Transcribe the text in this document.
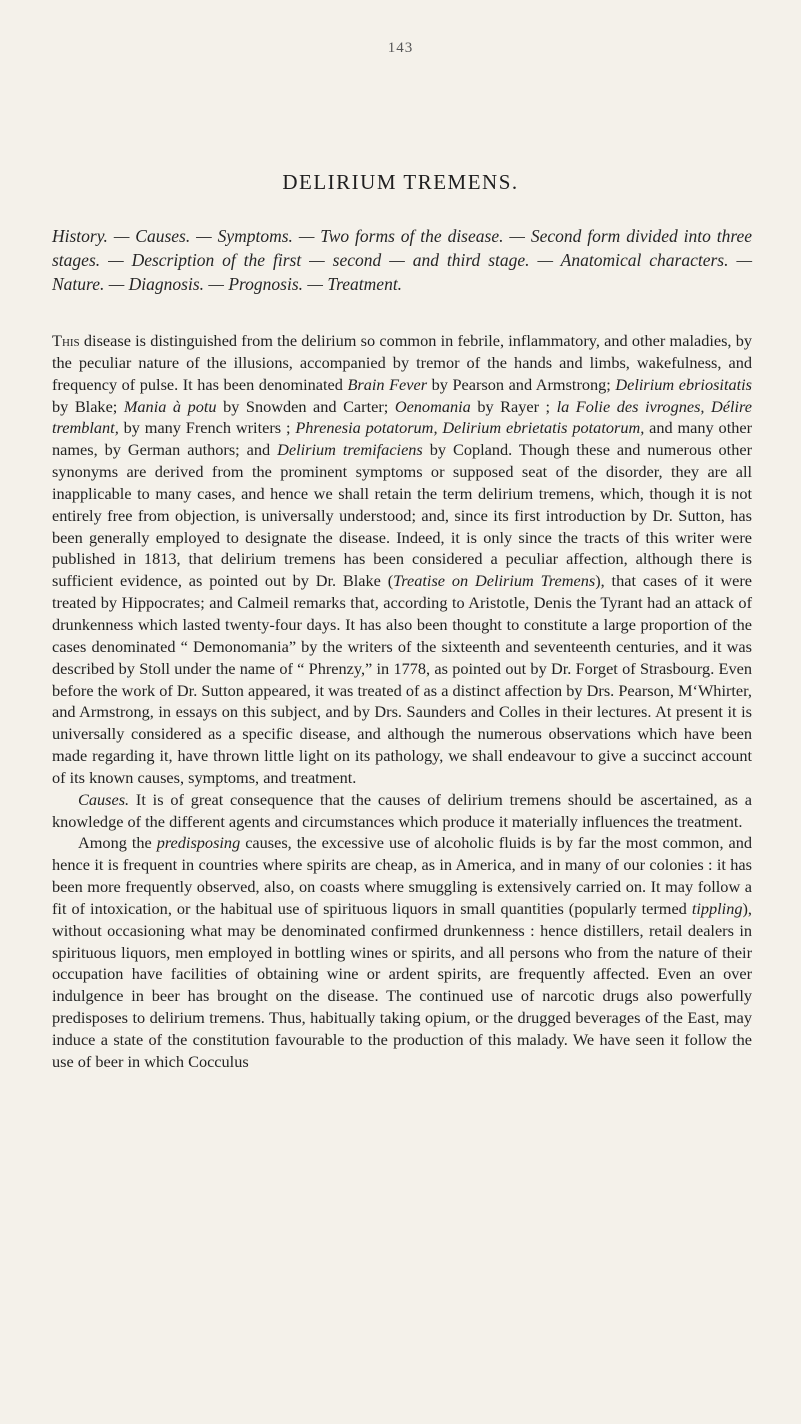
143
DELIRIUM TREMENS.
History. — Causes. — Symptoms. — Two forms of the disease. — Second form divided into three stages. — Description of the first — second — and third stage. — Anatomical characters. — Nature. — Diagnosis. — Prognosis. — Treatment.

This disease is distinguished from the delirium so common in febrile, inflammatory, and other maladies, by the peculiar nature of the illusions, accompanied by tremor of the hands and limbs, wakefulness, and frequency of pulse. It has been denominated Brain Fever by Pearson and Armstrong; Delirium ebriositatis by Blake; Mania à potu by Snowden and Carter; Oenomania by Rayer ; la Folie des ivrognes, Délire tremblant, by many French writers ; Phrenesia potatorum, Delirium ebrietatis potatorum, and many other names, by German authors; and Delirium tremifaciens by Copland. Though these and numerous other synonyms are derived from the prominent symptoms or supposed seat of the disorder, they are all inapplicable to many cases, and hence we shall retain the term delirium tremens, which, though it is not entirely free from objection, is universally understood; and, since its first introduction by Dr. Sutton, has been generally employed to designate the disease. Indeed, it is only since the tracts of this writer were published in 1813, that delirium tremens has been considered a peculiar affection, although there is sufficient evidence, as pointed out by Dr. Blake (Treatise on Delirium Tremens), that cases of it were treated by Hippocrates; and Calmeil remarks that, according to Aristotle, Denis the Tyrant had an attack of drunkenness which lasted twenty-four days. It has also been thought to constitute a large proportion of the cases denominated “ Demonomania” by the writers of the sixteenth and seventeenth centuries, and it was described by Stoll under the name of “ Phrenzy,” in 1778, as pointed out by Dr. Forget of Strasbourg. Even before the work of Dr. Sutton appeared, it was treated of as a distinct affection by Drs. Pearson, M‘Whirter, and Armstrong, in essays on this subject, and by Drs. Saunders and Colles in their lectures. At present it is universally considered as a specific disease, and although the numerous observations which have been made regarding it, have thrown little light on its pathology, we shall endeavour to give a succinct account of its known causes, symptoms, and treatment.

Causes. It is of great consequence that the causes of delirium tremens should be ascertained, as a knowledge of the different agents and circumstances which produce it materially influences the treatment.

Among the predisposing causes, the excessive use of alcoholic fluids is by far the most common, and hence it is frequent in countries where spirits are cheap, as in America, and in many of our colonies : it has been more frequently observed, also, on coasts where smuggling is extensively carried on. It may follow a fit of intoxication, or the habitual use of spirituous liquors in small quantities (popularly termed tippling), without occasioning what may be denominated confirmed drunkenness : hence distillers, retail dealers in spirituous liquors, men employed in bottling wines or spirits, and all persons who from the nature of their occupation have facilities of obtaining wine or ardent spirits, are frequently affected. Even an over indulgence in beer has brought on the disease. The continued use of narcotic drugs also powerfully predisposes to delirium tremens. Thus, habitually taking opium, or the drugged beverages of the East, may induce a state of the constitution favourable to the production of this malady. We have seen it follow the use of beer in which Cocculus
